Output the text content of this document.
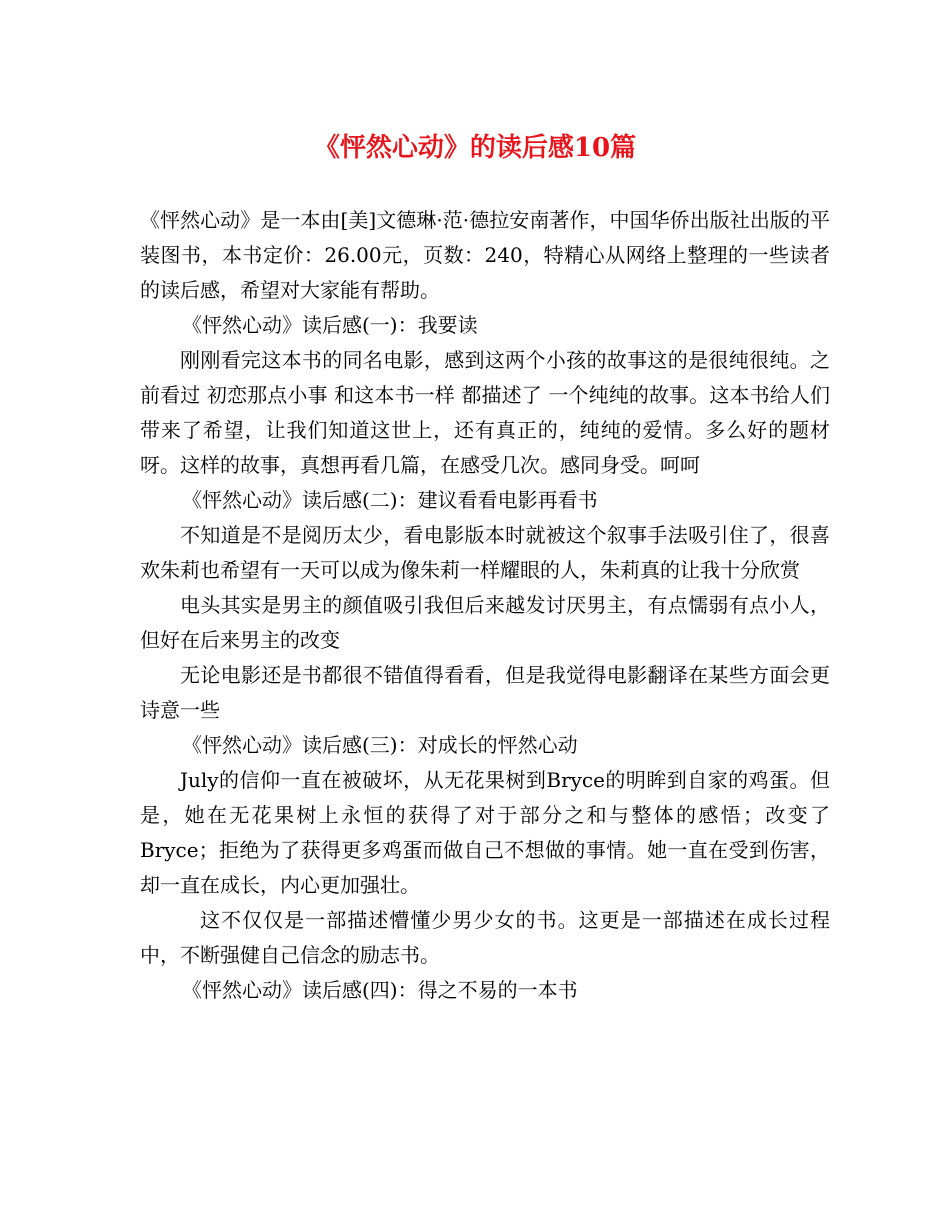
《怦然心动》的读后感10篇

《怦然心动》是一本由[美]文德琳·范·德拉安南著作，中国华侨出版社出版的平装图书，本书定价：26.00元，页数：240，特精心从网络上整理的一些读者的读后感，希望对大家能有帮助。

《怦然心动》读后感(一)：我要读

刚刚看完这本书的同名电影，感到这两个小孩的故事这的是很纯很纯。之前看过 初恋那点小事 和这本书一样 都描述了 一个纯纯的故事。这本书给人们带来了希望，让我们知道这世上，还有真正的，纯纯的爱情。多么好的题材呀。这样的故事，真想再看几篇，在感受几次。感同身受。呵呵

《怦然心动》读后感(二)：建议看看电影再看书

不知道是不是阅历太少，看电影版本时就被这个叙事手法吸引住了，很喜欢朱莉也希望有一天可以成为像朱莉一样耀眼的人，朱莉真的让我十分欣赏

电头其实是男主的颜值吸引我但后来越发讨厌男主，有点懦弱有点小人，但好在后来男主的改变

无论电影还是书都很不错值得看看，但是我觉得电影翻译在某些方面会更诗意一些

《怦然心动》读后感(三)：对成长的怦然心动

July的信仰一直在被破坏，从无花果树到Bryce的明眸到自家的鸡蛋。但是，她在无花果树上永恒的获得了对于部分之和与整体的感悟；改变了Bryce；拒绝为了获得更多鸡蛋而做自己不想做的事情。她一直在受到伤害，却一直在成长，内心更加强壮。

这不仅仅是一部描述懵懂少男少女的书。这更是一部描述在成长过程中，不断强健自己信念的励志书。

《怦然心动》读后感(四)：得之不易的一本书
